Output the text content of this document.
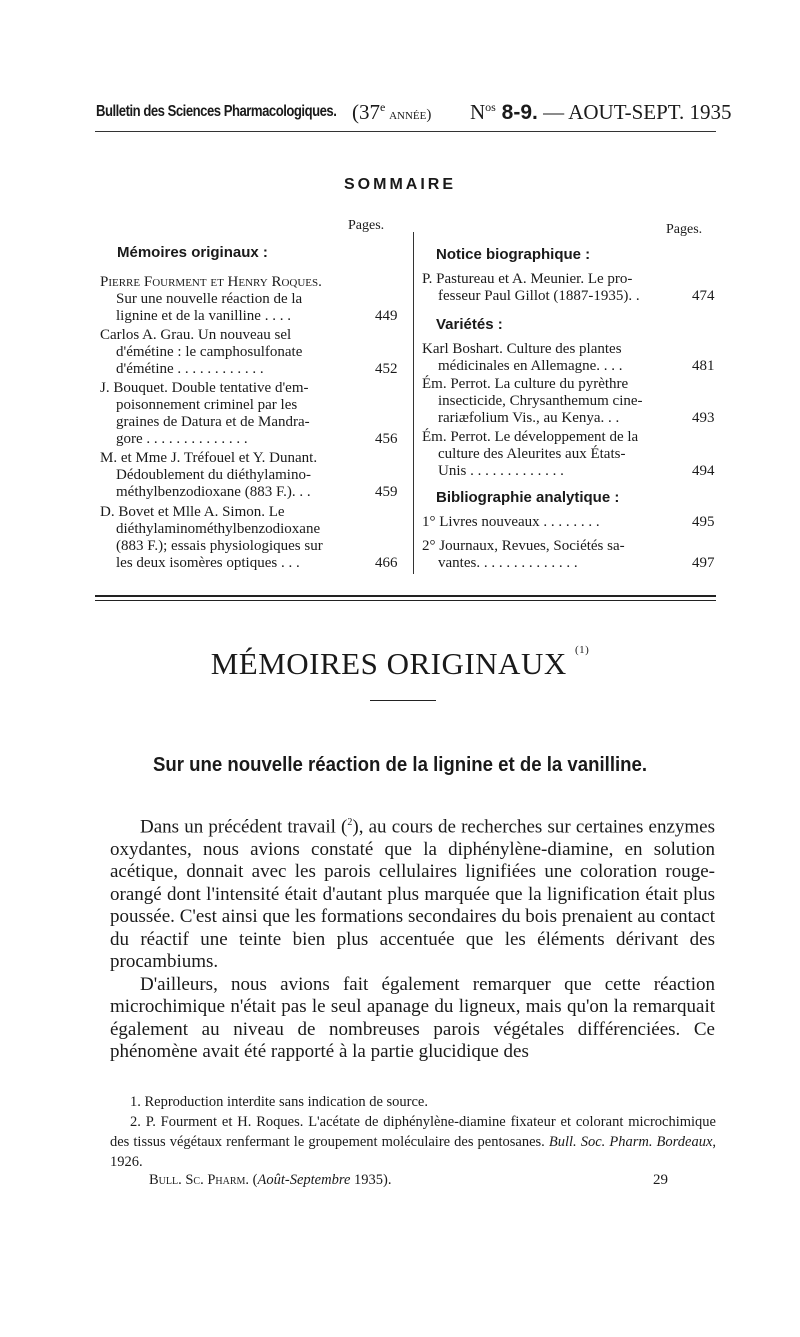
Bulletin des Sciences Pharmacologiques. (37e année) $N^{os}$ 8-9. — AOUT-SEPT. 1935
SOMMAIRE
Pages.
Mémoires originaux :
Pierre Fourment et Henry Roques.
Sur une nouvelle réaction de la
lignine et de la vanilline . . . .	449
Carlos A. Grau. Un nouveau sel
d'émétine : le camphosulfonate
d'émétine . . . . . . . . . . . .	452
J. Bouquet. Double tentative d'em-
poisonnement criminel par les
graines de Datura et de Mandra-
gore . . . . . . . . . . . . . .	456
M. et Mme J. Tréfouel et Y. Dunant.
Dédoublement du diéthylamino-
méthylbenzodioxane (883 F.). . .	459
D. Bovet et Mlle A. Simon. Le
diéthylaminométhylbenzodioxane
(883 F.); essais physiologiques sur
les deux isomères optiques . . .	466
Pages.
Notice biographique :
P. Pastureau et A. Meunier. Le pro-
fesseur Paul Gillot (1887-1935). .	474
Variétés :
Karl Boshart. Culture des plantes
médicinales en Allemagne. . . .	481
Ém. Perrot. La culture du pyrèthre
insecticide, Chrysanthemum cine-
rariæfolium Vis., au Kenya. . .	493
Ém. Perrot. Le développement de la
culture des Aleurites aux États-
Unis . . . . . . . . . . . . .	494
Bibliographie analytique :
1° Livres nouveaux . . . . . . . .	495
2° Journaux, Revues, Sociétés sa-
vantes. . . . . . . . . . . . . .	497
MÉMOIRES ORIGINAUX $^{(1)}$
Sur une nouvelle réaction de la lignine et de la vanilline.

Dans un précédent travail ($^2$), au cours de recherches sur certaines enzymes oxydantes, nous avions constaté que la diphénylène-diamine, en solution acétique, donnait avec les parois cellulaires lignifiées une coloration rouge-orangé dont l'intensité était d'autant plus marquée que la lignification était plus poussée. C'est ainsi que les formations secondaires du bois prenaient au contact du réactif une teinte bien plus accentuée que les éléments dérivant des procambiums.

D'ailleurs, nous avions fait également remarquer que cette réaction microchimique n'était pas le seul apanage du ligneux, mais qu'on la remarquait également au niveau de nombreuses parois végétales différenciées. Ce phénomène avait été rapporté à la partie glucidique des

1. Reproduction interdite sans indication de source.
2. P. Fourment et H. Roques. L'acétate de diphénylène-diamine fixateur et colorant microchimique des tissus végétaux renfermant le groupement moléculaire des pentosanes. Bull. Soc. Pharm. Bordeaux, 1926.
Bull. Sc. Pharm. (Août-Septembre 1935).	29
